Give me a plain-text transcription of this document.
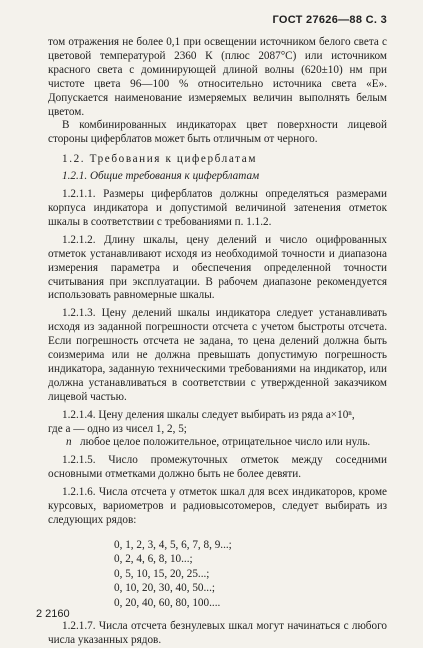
ГОСТ 27626—88 С. 3

том отражения не более 0,1 при освещении источником белого света с цветовой температурой 2360 К (плюс 2087°С) или источником красного света с доминирующей длиной волны (620±10) нм при чистоте цвета 96—100 % относительно источника света «Е». Допускается наименование измеряемых величин выполнять белым цветом.

В комбинированных индикаторах цвет поверхности лицевой стороны циферблатов может быть отличным от черного.

1.2. Требования к циферблатам

1.2.1. Общие требования к циферблатам

1.2.1.1. Размеры циферблатов должны определяться размерами корпуса индикатора и допустимой величиной затенения отметок шкалы в соответствии с требованиями п. 1.1.2.

1.2.1.2. Длину шкалы, цену делений и число оцифрованных отметок устанавливают исходя из необходимой точности и диапазона измерения параметра и обеспечения определенной точности считывания при эксплуатации. В рабочем диапазоне рекомендуется использовать равномерные шкалы.

1.2.1.3. Цену делений шкалы индикатора следует устанавливать исходя из заданной погрешности отсчета с учетом быстроты отсчета. Если погрешность отсчета не задана, то цена делений должна быть соизмерима или не должна превышать допустимую погрешность индикатора, заданную техническими требованиями на индикатор, или должна устанавливаться в соответствии с утвержденной заказчиком лицевой частью.

1.2.1.4. Цену деления шкалы следует выбирать из ряда a×10ⁿ,

где a — одно из чисел 1, 2, 5;

n любое целое положительное, отрицательное число или нуль.

1.2.1.5. Число промежуточных отметок между соседними основными отметками должно быть не более девяти.

1.2.1.6. Числа отсчета у отметок шкал для всех индикаторов, кроме курсовых, вариометров и радиовысотомеров, следует выбирать из следующих рядов:

0, 1, 2, 3, 4, 5, 6, 7, 8, 9...;
0, 2, 4, 6, 8, 10...;
0, 5, 10, 15, 20, 25...;
0, 10, 20, 30, 40, 50...;
0, 20, 40, 60, 80, 100....

1.2.1.7. Числа отсчета безнулевых шкал могут начинаться с любого числа указанных рядов.

2 2160
